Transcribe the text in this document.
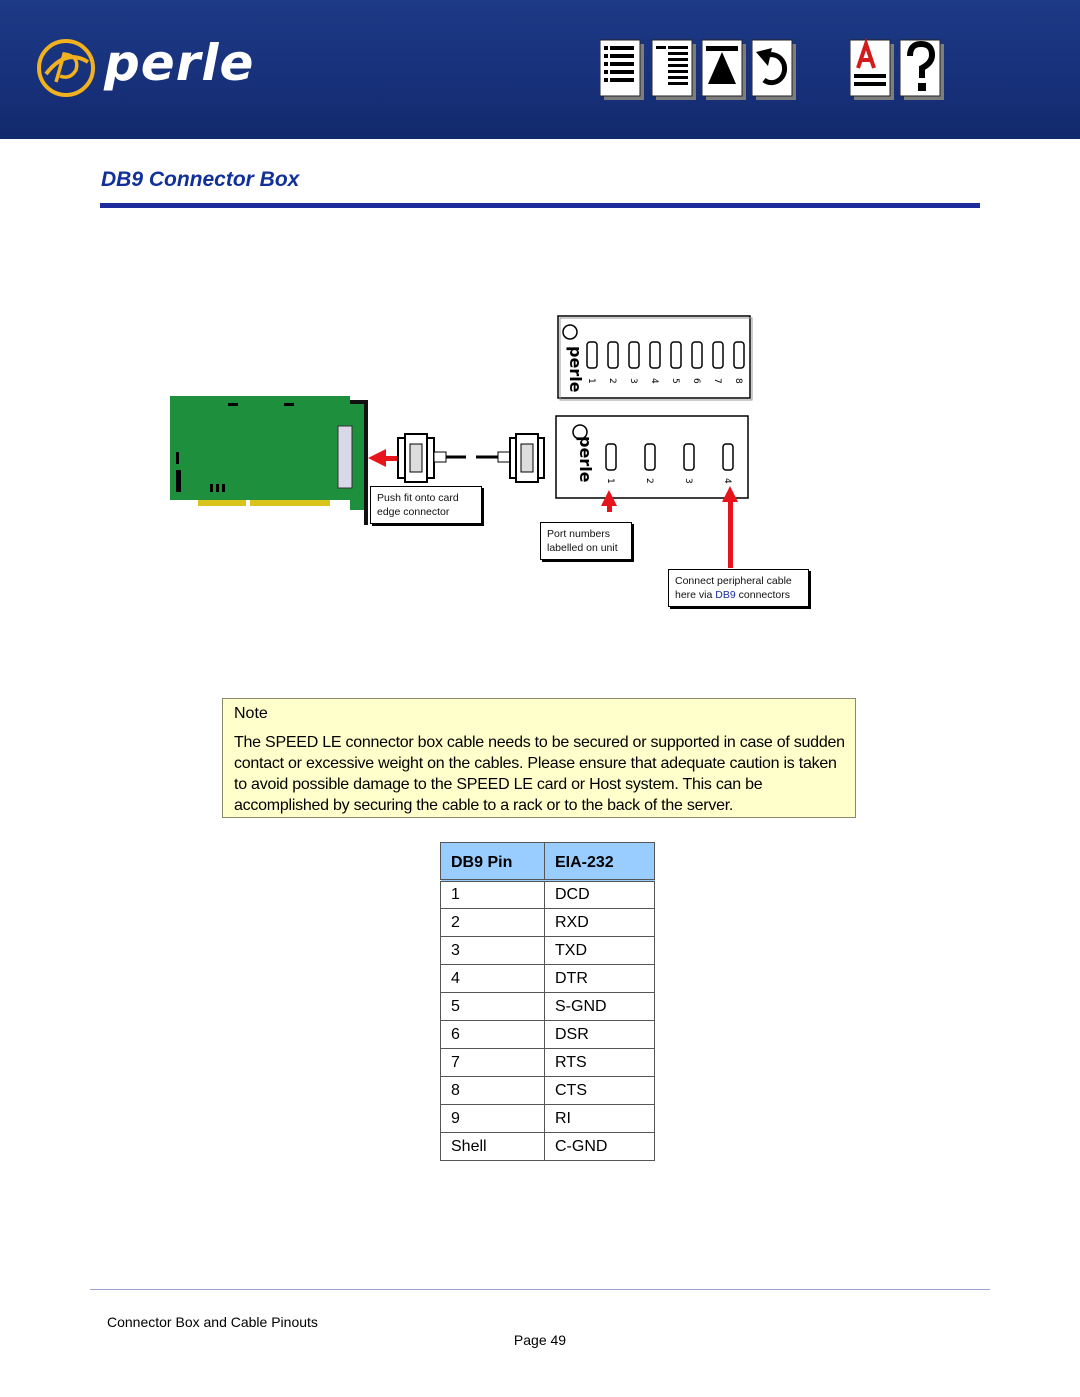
perle
DB9 Connector Box
perle 1 2 3 4 5 6 7 8
perle 1	2	3	4
Push fit onto card
edge connector
Port numbers
labelled on unit
Connect peripheral cable
here via DB9 connectors
Note
The SPEED LE connector box cable needs to be secured or supported in case of sudden contact or excessive weight on the cables. Please ensure that adequate caution is taken to avoid possible damage to the SPEED LE card or Host system. This can be accomplished by securing the cable to a rack or to the back of the server.
DB9 Pin	EIA-232
1	DCD
2	RXD
3	TXD
4	DTR
5	S-GND
6	DSR
7	RTS
8	CTS
9	RI
Shell	C-GND
Connector Box and Cable Pinouts
Page 49
